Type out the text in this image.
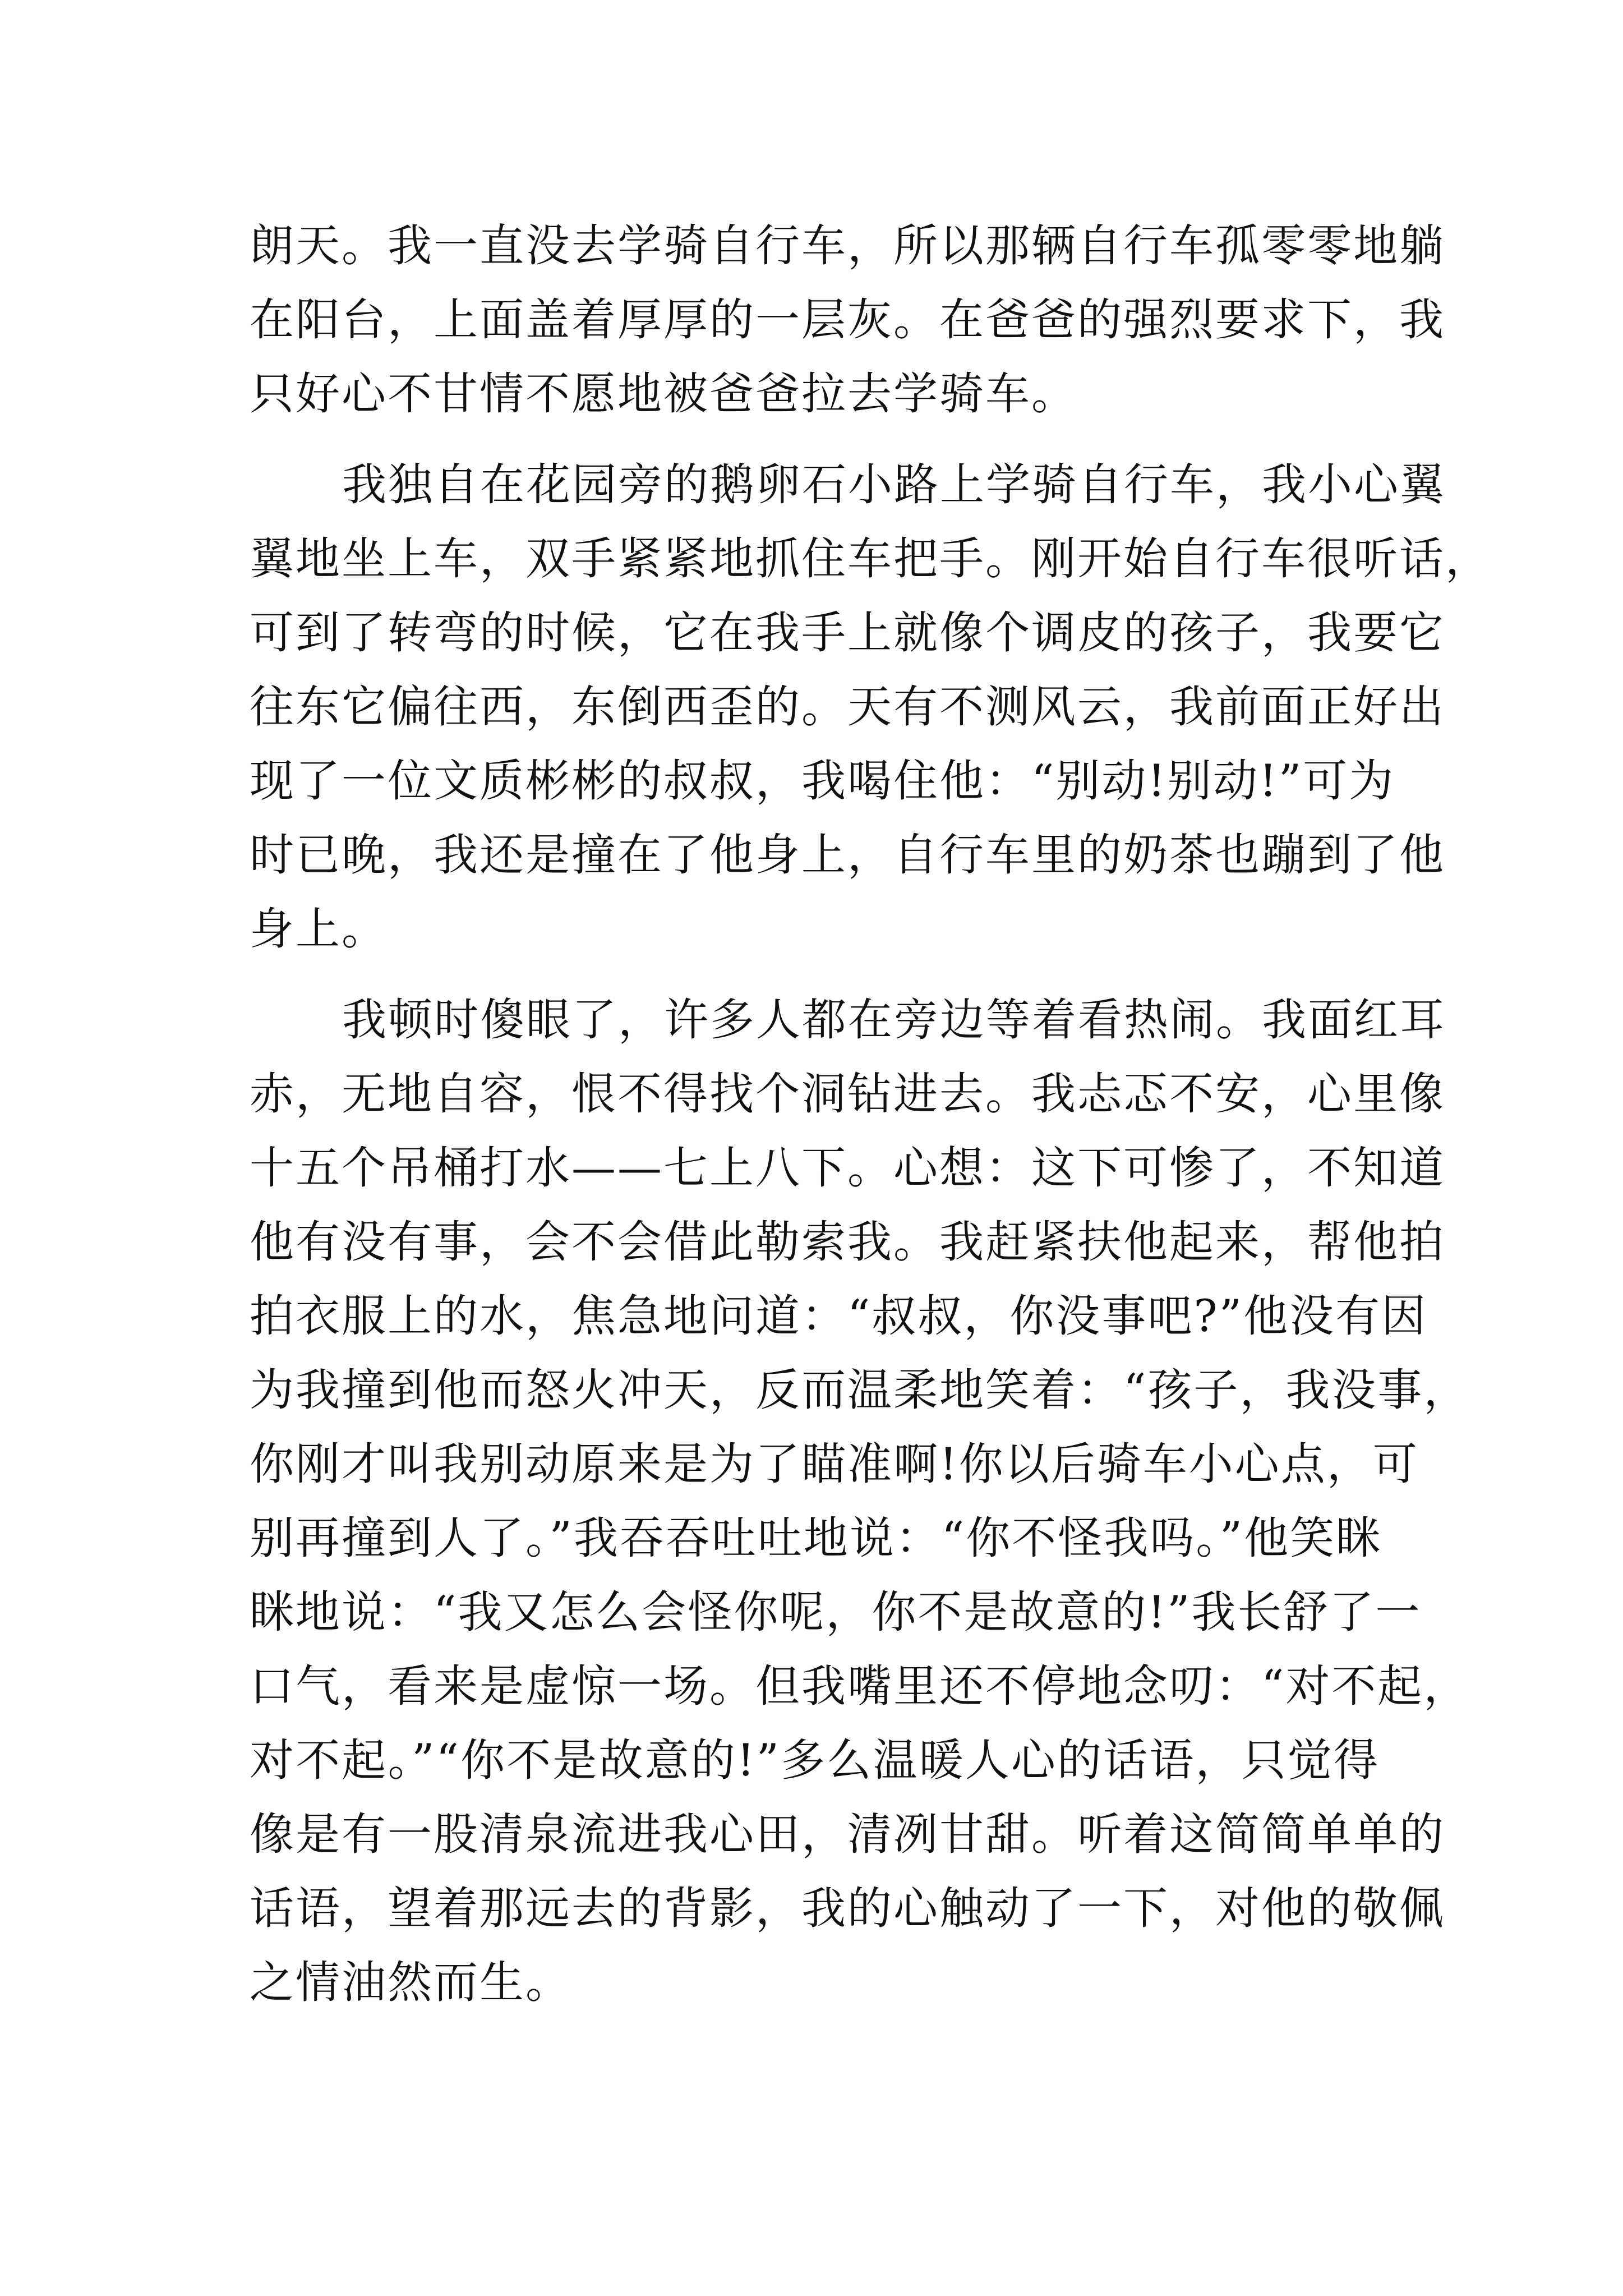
朗天。我一直没去学骑自行车，所以那辆自行车孤零零地躺
在阳台，上面盖着厚厚的一层灰。在爸爸的强烈要求下，我
只好心不甘情不愿地被爸爸拉去学骑车。
我独自在花园旁的鹅卵石小路上学骑自行车，我小心翼
翼地坐上车，双手紧紧地抓住车把手。刚开始自行车很听话，
可到了转弯的时候，它在我手上就像个调皮的孩子，我要它
往东它偏往西，东倒西歪的。天有不测风云，我前面正好出
现了一位文质彬彬的叔叔，我喝住他：“别动!别动!”可为
时已晚，我还是撞在了他身上，自行车里的奶茶也蹦到了他
身上。
我顿时傻眼了，许多人都在旁边等着看热闹。我面红耳
赤，无地自容，恨不得找个洞钻进去。我忐忑不安，心里像
十五个吊桶打水——七上八下。心想：这下可惨了，不知道
他有没有事，会不会借此勒索我。我赶紧扶他起来，帮他拍
拍衣服上的水，焦急地问道：“叔叔，你没事吧?”他没有因
为我撞到他而怒火冲天，反而温柔地笑着：“孩子，我没事，
你刚才叫我别动原来是为了瞄准啊!你以后骑车小心点，可
别再撞到人了。”我吞吞吐吐地说：“你不怪我吗。”他笑眯
眯地说：“我又怎么会怪你呢，你不是故意的!”我长舒了一
口气，看来是虚惊一场。但我嘴里还不停地念叨：“对不起，
对不起。”“你不是故意的!”多么温暖人心的话语，只觉得
像是有一股清泉流进我心田，清冽甘甜。听着这简简单单的
话语，望着那远去的背影，我的心触动了一下，对他的敬佩
之情油然而生。
